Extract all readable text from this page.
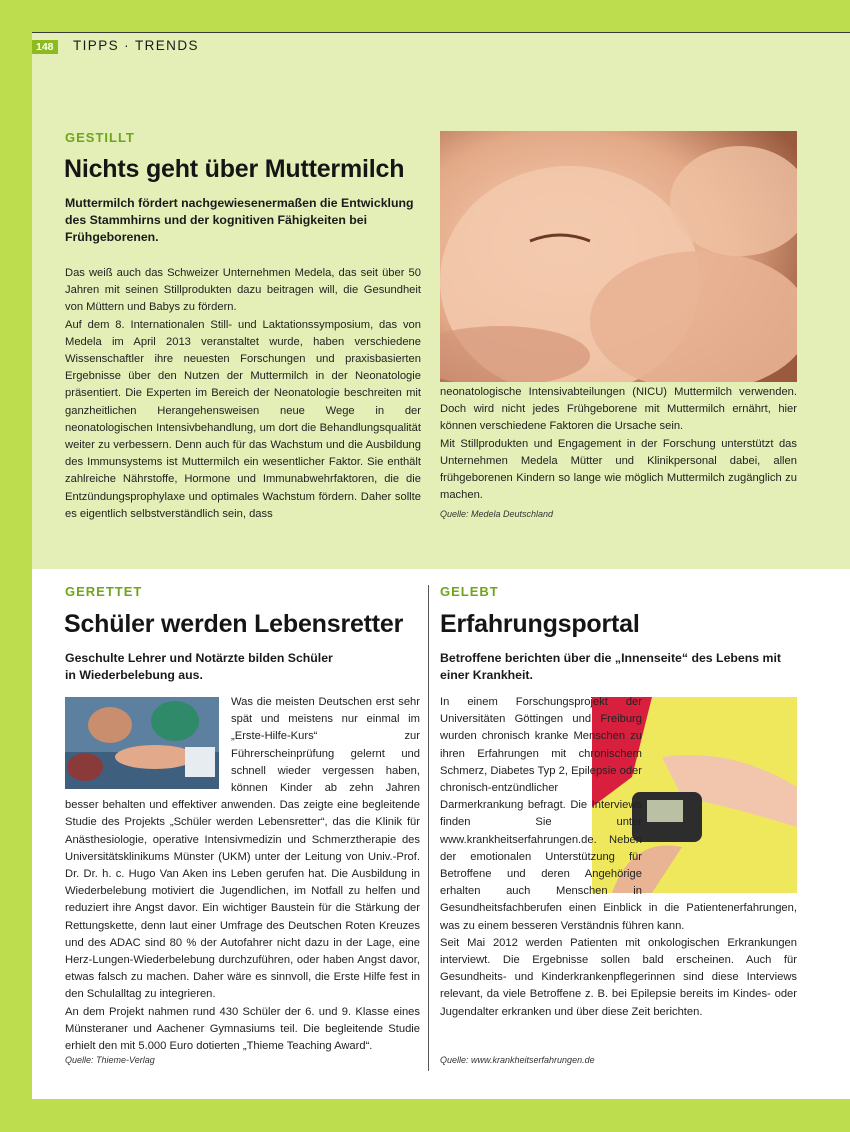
148 TIPPS · TRENDS
GESTILLT
Nichts geht über Muttermilch
Muttermilch fördert nachgewiesenermaßen die Entwicklung des Stammhirns und der kognitiven Fähigkeiten bei Frühgeborenen.

Das weiß auch das Schweizer Unternehmen Medela, das seit über 50 Jahren mit seinen Stillprodukten dazu beitragen will, die Gesundheit von Müttern und Babys zu fördern.

Auf dem 8. Internationalen Still- und Laktationssymposium, das von Medela im April 2013 veranstaltet wurde, haben verschiedene Wissenschaftler ihre neuesten Forschungen und praxisbasierten Ergebnisse über den Nutzen der Muttermilch in der Neonatologie präsentiert. Die Experten im Bereich der Neonatologie beschreiten mit ganzheitlichen Herangehensweisen neue Wege in der neonatologischen Intensivbehandlung, um dort die Behandlungsqualität weiter zu verbessern. Denn auch für das Wachstum und die Ausbildung des Immunsystems ist Muttermilch ein wesentlicher Faktor. Sie enthält zahlreiche Nährstoffe, Hormone und Immunabwehrfaktoren, die die Entzündungsprophylaxe und optimales Wachstum fördern. Daher sollte es eigentlich selbstverständlich sein, dass

neonatologische Intensivabteilungen (NICU) Muttermilch verwenden. Doch wird nicht jedes Frühgeborene mit Muttermilch ernährt, hier können verschiedene Faktoren die Ursache sein.

Mit Stillprodukten und Engagement in der Forschung unterstützt das Unternehmen Medela Mütter und Klinikpersonal dabei, allen frühgeborenen Kindern so lange wie möglich Muttermilch zugänglich zu machen.

Quelle: Medela Deutschland
GERETTET
Schüler werden Lebensretter
Geschulte Lehrer und Notärzte bilden Schüler in Wiederbelebung aus.

Was die meisten Deutschen erst sehr spät und meistens nur einmal im „Erste-Hilfe-Kurs“ zur Führerscheinprüfung gelernt und schnell wieder vergessen haben, können Kinder ab zehn Jahren besser behalten und effektiver anwenden. Das zeigte eine begleitende Studie des Projekts „Schüler werden Lebensretter“, das die Klinik für Anästhesiologie, operative Intensivmedizin und Schmerztherapie des Universitätsklinikums Münster (UKM) unter der Leitung von Univ.-Prof. Dr. Dr. h. c. Hugo Van Aken ins Leben gerufen hat. Die Ausbildung in Wiederbelebung motiviert die Jugendlichen, im Notfall zu helfen und reduziert ihre Angst davor. Ein wichtiger Baustein für die Stärkung der Rettungskette, denn laut einer Umfrage des Deutschen Roten Kreuzes und des ADAC sind 80 % der Autofahrer nicht dazu in der Lage, eine Herz-Lungen-Wiederbelebung durchzuführen, oder haben Angst davor, etwas falsch zu machen. Daher wäre es sinnvoll, die Erste Hilfe fest in den Schulalltag zu integrieren.

An dem Projekt nahmen rund 430 Schüler der 6. und 9. Klasse eines Münsteraner und Aachener Gymnasiums teil. Die begleitende Studie erhielt den mit 5.000 Euro dotierten „Thieme Teaching Award“.

Quelle: Thieme-Verlag
GELEBT
Erfahrungsportal
Betroffene berichten über die „Innenseite“ des Lebens mit einer Krankheit.

In einem Forschungsprojekt der Universitäten Göttingen und Freiburg wurden chronisch kranke Menschen zu ihren Erfahrungen mit chronischem Schmerz, Diabetes Typ 2, Epilepsie oder chronisch-entzündlicher Darmerkrankung befragt. Die Interviews finden Sie unter www.krankheitserfahrungen.de. Neben der emotionalen Unterstützung für Betroffene und deren Angehörige erhalten auch Menschen in Gesundheitsfachberufen einen Einblick in die Patientenerfahrungen, was zu einem besseren Verständnis führen kann.

Seit Mai 2012 werden Patienten mit onkologischen Erkrankungen interviewt. Die Ergebnisse sollen bald erscheinen. Auch für Gesundheits- und Kinderkrankenpflegerinnen sind diese Interviews relevant, da viele Betroffene z. B. bei Epilepsie bereits im Kindes- oder Jugendalter erkranken und über diese Zeit berichten.

Quelle: www.krankheitserfahrungen.de
